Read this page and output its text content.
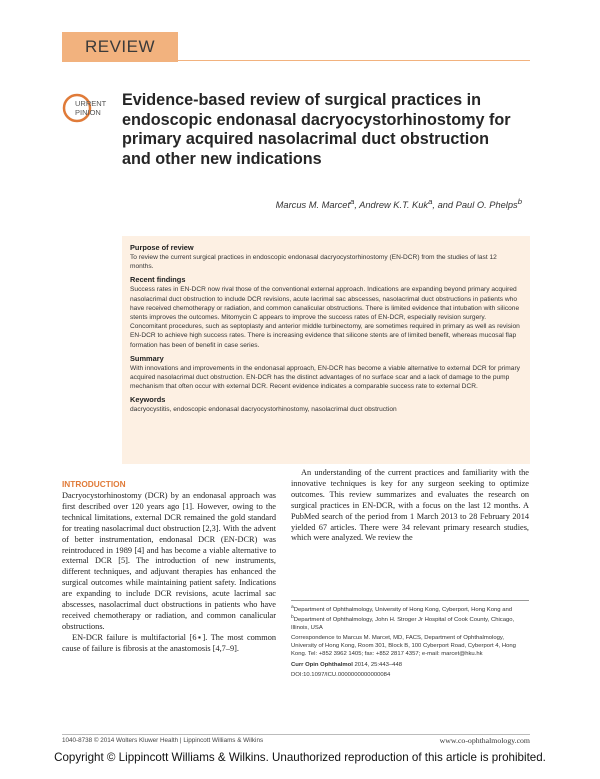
REVIEW
URRENT
PINION
Evidence-based review of surgical practices in endoscopic endonasal dacryocystorhinostomy for primary acquired nasolacrimal duct obstruction and other new indications
Marcus M. Marcet$^a$, Andrew K.T. Kuk$^a$, and Paul O. Phelps$^b$
Purpose of review

To review the current surgical practices in endoscopic endonasal dacryocystorhinostomy (EN-DCR) from the studies of last 12 months.

Recent findings

Success rates in EN-DCR now rival those of the conventional external approach. Indications are expanding beyond primary acquired nasolacrimal duct obstruction to include DCR revisions, acute lacrimal sac abscesses, nasolacrimal duct obstructions in patients who have received chemotherapy or radiation, and common canalicular obstructions. There is limited evidence that intubation with silicone stents improves the outcomes. Mitomycin C appears to improve the success rates of EN-DCR, especially revision surgery. Concomitant procedures, such as septoplasty and anterior middle turbinectomy, are sometimes required in primary as well as revision EN-DCR to achieve high success rates. There is increasing evidence that silicone stents are of limited benefit, whereas mucosal flap formation has been of benefit in case series.

Summary

With innovations and improvements in the endonasal approach, EN-DCR has become a viable alternative to external DCR for primary acquired nasolacrimal duct obstruction. EN-DCR has the distinct advantages of no surface scar and a lack of damage to the pump mechanism that often occur with external DCR. Recent evidence indicates a comparable success rate to external DCR.

Keywords

dacryocystitis, endoscopic endonasal dacryocystorhinostomy, nasolacrimal duct obstruction

INTRODUCTION

Dacryocystorhinostomy (DCR) by an endonasal approach was first described over 120 years ago [1]. However, owing to the technical limitations, external DCR remained the gold standard for treating nasolacrimal duct obstruction [2,3]. With the advent of better instrumentation, endonasal DCR (EN-DCR) was reintroduced in 1989 [4] and has become a viable alternative to external DCR [5]. The introduction of new instruments, different techniques, and adjuvant therapies has enhanced the surgical outcomes while maintaining patient safety. Indications are expanding to include DCR revisions, acute lacrimal sac abscesses, nasolacrimal duct obstructions in patients who have received chemotherapy or radiation, and common canalicular obstructions.

EN-DCR failure is multifactorial [6▪]. The most common cause of failure is fibrosis at the anastomosis [4,7–9].

An understanding of the current practices and familiarity with the innovative techniques is key for any surgeon seeking to optimize outcomes. This review summarizes and evaluates the research on surgical practices in EN-DCR, with a focus on the last 12 months. A PubMed search of the period from 1 March 2013 to 28 February 2014 yielded 67 articles. There were 34 relevant primary research studies, which were analyzed. We review the

$^a$Department of Ophthalmology, University of Hong Kong, Cyberport, Hong Kong and $^b$Department of Ophthalmology, John H. Stroger Jr Hospital of Cook County, Chicago, Illinois, USA

Correspondence to Marcus M. Marcet, MD, FACS, Department of Ophthalmology, University of Hong Kong, Room 301, Block B, 100 Cyberport Road, Cyberport 4, Hong Kong. Tel: +852 3962 1405; fax: +852 2817 4357; e-mail: marcet@hku.hk

Curr Opin Ophthalmol 2014, 25:443–448

DOI:10.1097/ICU.0000000000000084

1040-8738 © 2014 Wolters Kluwer Health | Lippincott Williams & Wilkins	www.co-ophthalmology.com
Copyright © Lippincott Williams & Wilkins. Unauthorized reproduction of this article is prohibited.
